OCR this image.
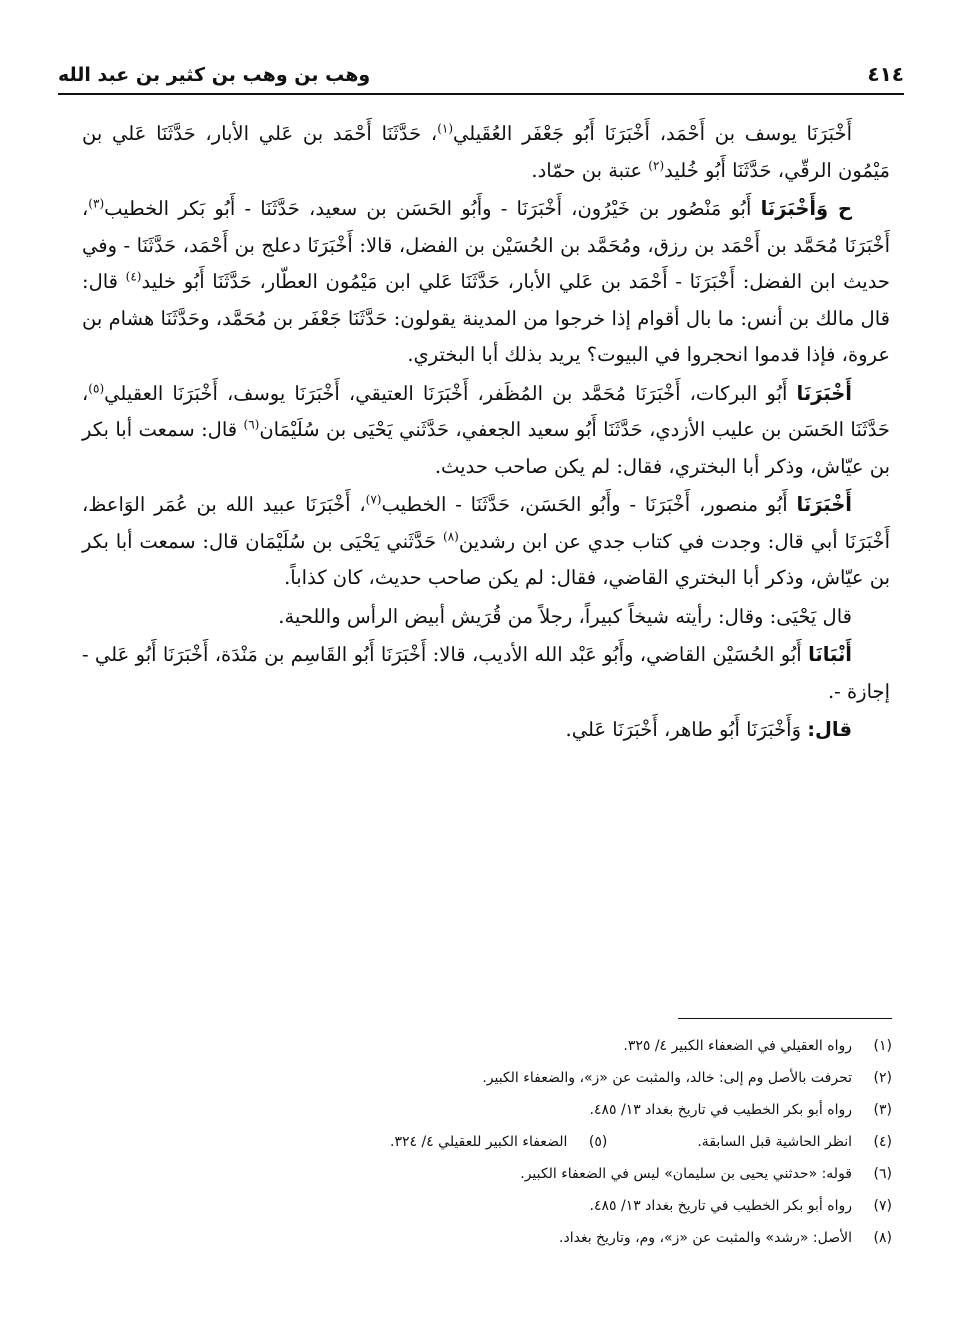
٤١٤
وهب بن وهب بن كثير بن عبد الله

أَخْبَرَنَا يوسف بن أَحْمَد، أَخْبَرَنَا أَبُو جَعْفَر العُقَيلي$^{(١)}$، حَدَّثَنَا أَحْمَد بن عَلي الأبار، حَدَّثَنَا عَلي بن مَيْمُون الرقّي، حَدَّثَنَا أَبُو خُليد$^{(٢)}$ عتبة بن حمّاد.

ح وَأَخْبَرَنَا أَبُو مَنْصُور بن خَيْرُون، أَخْبَرَنَا - وأَبُو الحَسَن بن سعيد، حَدَّثَنَا - أَبُو بَكر الخطيب$^{(٣)}$، أَخْبَرَنَا مُحَمَّد بن أَحْمَد بن رزق، ومُحَمَّد بن الحُسَيْن بن الفضل، قالا: أَخْبَرَنَا دعلج بن أَحْمَد، حَدَّثَنَا - وفي حديث ابن الفضل: أَخْبَرَنَا - أَحْمَد بن عَلي الأبار، حَدَّثَنَا عَلي ابن مَيْمُون العطّار، حَدَّثَنَا أَبُو خليد$^{(٤)}$ قال: قال مالك بن أنس: ما بال أقوام إذا خرجوا من المدينة يقولون: حَدَّثَنَا جَعْفَر بن مُحَمَّد، وحَدَّثَنَا هشام بن عروة، فإذا قدموا انحجروا في البيوت؟ يريد بذلك أبا البختري.

أَخْبَرَنَا أَبُو البركات، أَخْبَرَنَا مُحَمَّد بن المُظَفر، أَخْبَرَنَا العتيقي، أَخْبَرَنَا يوسف، أَخْبَرَنَا العقيلي$^{(٥)}$، حَدَّثَنَا الحَسَن بن عليب الأزدي، حَدَّثَنَا أَبُو سعيد الجعفي، حَدَّثَني يَحْيَى بن سُلَيْمَان$^{(٦)}$ قال: سمعت أبا بكر بن عيّاش، وذكر أبا البختري، فقال: لم يكن صاحب حديث.

أَخْبَرَنَا أَبُو منصور، أَخْبَرَنَا - وأَبُو الحَسَن، حَدَّثَنَا - الخطيب$^{(٧)}$، أَخْبَرَنَا عبيد الله بن عُمَر الوَاعظ، أَخْبَرَنَا أبي قال: وجدت في كتاب جدي عن ابن رشدين$^{(٨)}$ حَدَّثَني يَحْيَى بن سُلَيْمَان قال: سمعت أبا بكر بن عيّاش، وذكر أبا البختري القاضي، فقال: لم يكن صاحب حديث، كان كذاباً.

قال يَحْيَى: وقال: رأيته شيخاً كبيراً، رجلاً من قُرَيش أبيض الرأس واللحية.

أَنْبَانَا أَبُو الحُسَيْن القاضي، وأَبُو عَبْد الله الأديب، قالا: أَخْبَرَنَا أَبُو القَاسِم بن مَنْدَة، أَخْبَرَنَا أَبُو عَلي - إجازة -.

قال: وَأَخْبَرَنَا أَبُو طاهر، أَخْبَرَنَا عَلي.

(١)
رواه العقيلي في الضعفاء الكبير ٤/ ٣٢٥.
(٢)
تحرفت بالأصل وم إلى: خالد، والمثبت عن «ز»، والضعفاء الكبير.
(٣)
رواه أبو بكر الخطيب في تاريخ بغداد ١٣/ ٤٨٥.
(٤)
انظر الحاشية قبل السابقة.
(٥)
الضعفاء الكبير للعقيلي ٤/ ٣٢٤.
(٦)
قوله: «حدثني يحيى بن سليمان» ليس في الضعفاء الكبير.
(٧)
رواه أبو بكر الخطيب في تاريخ بغداد ١٣/ ٤٨٥.
(٨)
الأصل: «رشد» والمثبت عن «ز»، وم، وتاريخ بغداد.
